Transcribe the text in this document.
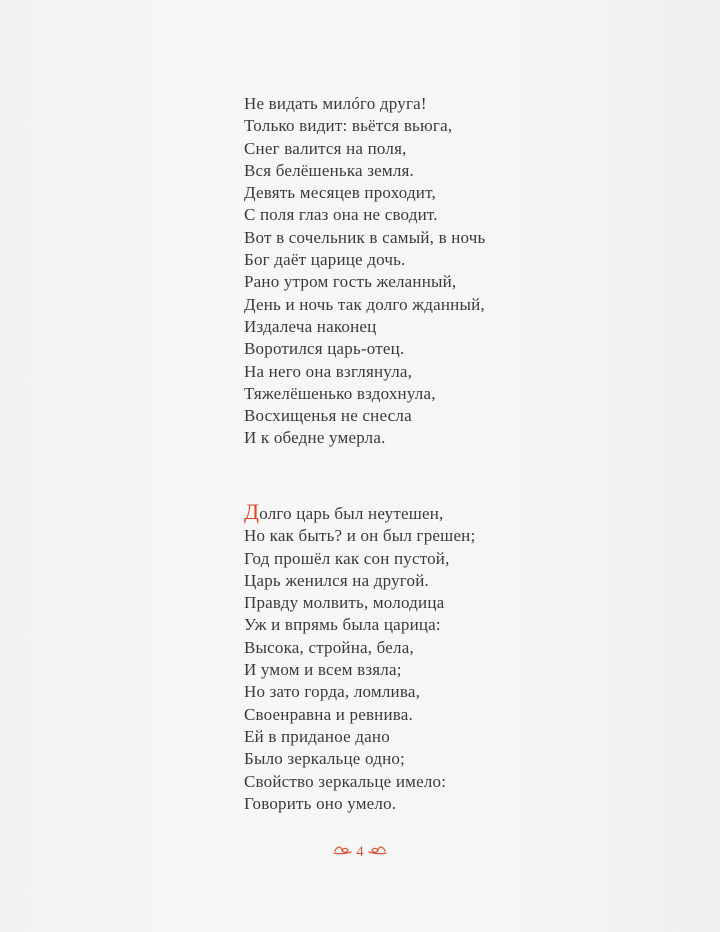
Не видать милóго друга!
Только видит: вьётся вьюга,
Снег валится на поля,
Вся белёшенька земля.
Девять месяцев проходит,
С поля глаз она не сводит.
Вот в сочельник в самый, в ночь
Бог даёт царице дочь.
Рано утром гость желанный,
День и ночь так долго жданный,
Издалеча наконец
Воротился царь-отец.
На него она взглянула,
Тяжелёшенько вздохнула,
Восхищенья не снесла
И к обедне умерла.
Долго царь был неутешен,
Но как быть? и он был грешен;
Год прошёл как сон пустой,
Царь женился на другой.
Правду молвить, молодица
Уж и впрямь была царица:
Высока, стройна, бела,
И умом и всем взяла;
Но зато горда, ломлива,
Своенравна и ревнива.
Ей в приданое дано
Было зеркальце одно;
Свойство зеркальце имело:
Говорить оно умело.
4
